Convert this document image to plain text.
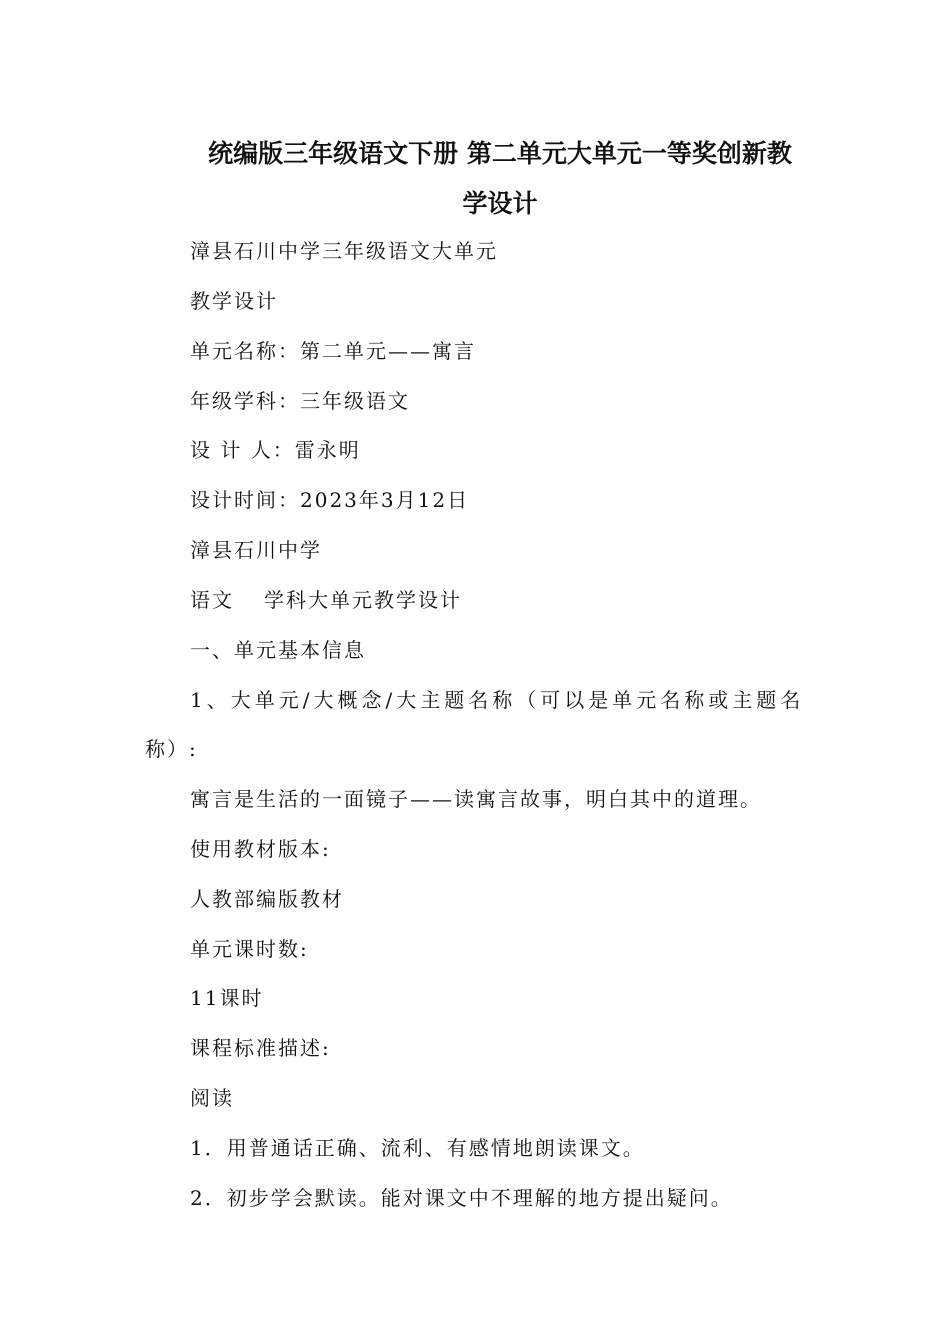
统编版三年级语文下册 第二单元大单元一等奖创新教
学设计
漳县石川中学三年级语文大单元
教学设计
单元名称：第二单元——寓言
年级学科：三年级语文
设 计 人：雷永明
设计时间：2023年3月12日
漳县石川中学
语文 学科大单元教学设计
一、单元基本信息
1、大单元/大概念/大主题名称（可以是单元名称或主题名
称）:
寓言是生活的一面镜子——读寓言故事，明白其中的道理。
使用教材版本:
人教部编版教材
单元课时数:
11课时
课程标准描述:
阅读
1．用普通话正确、流利、有感情地朗读课文。
2．初步学会默读。能对课文中不理解的地方提出疑问。
